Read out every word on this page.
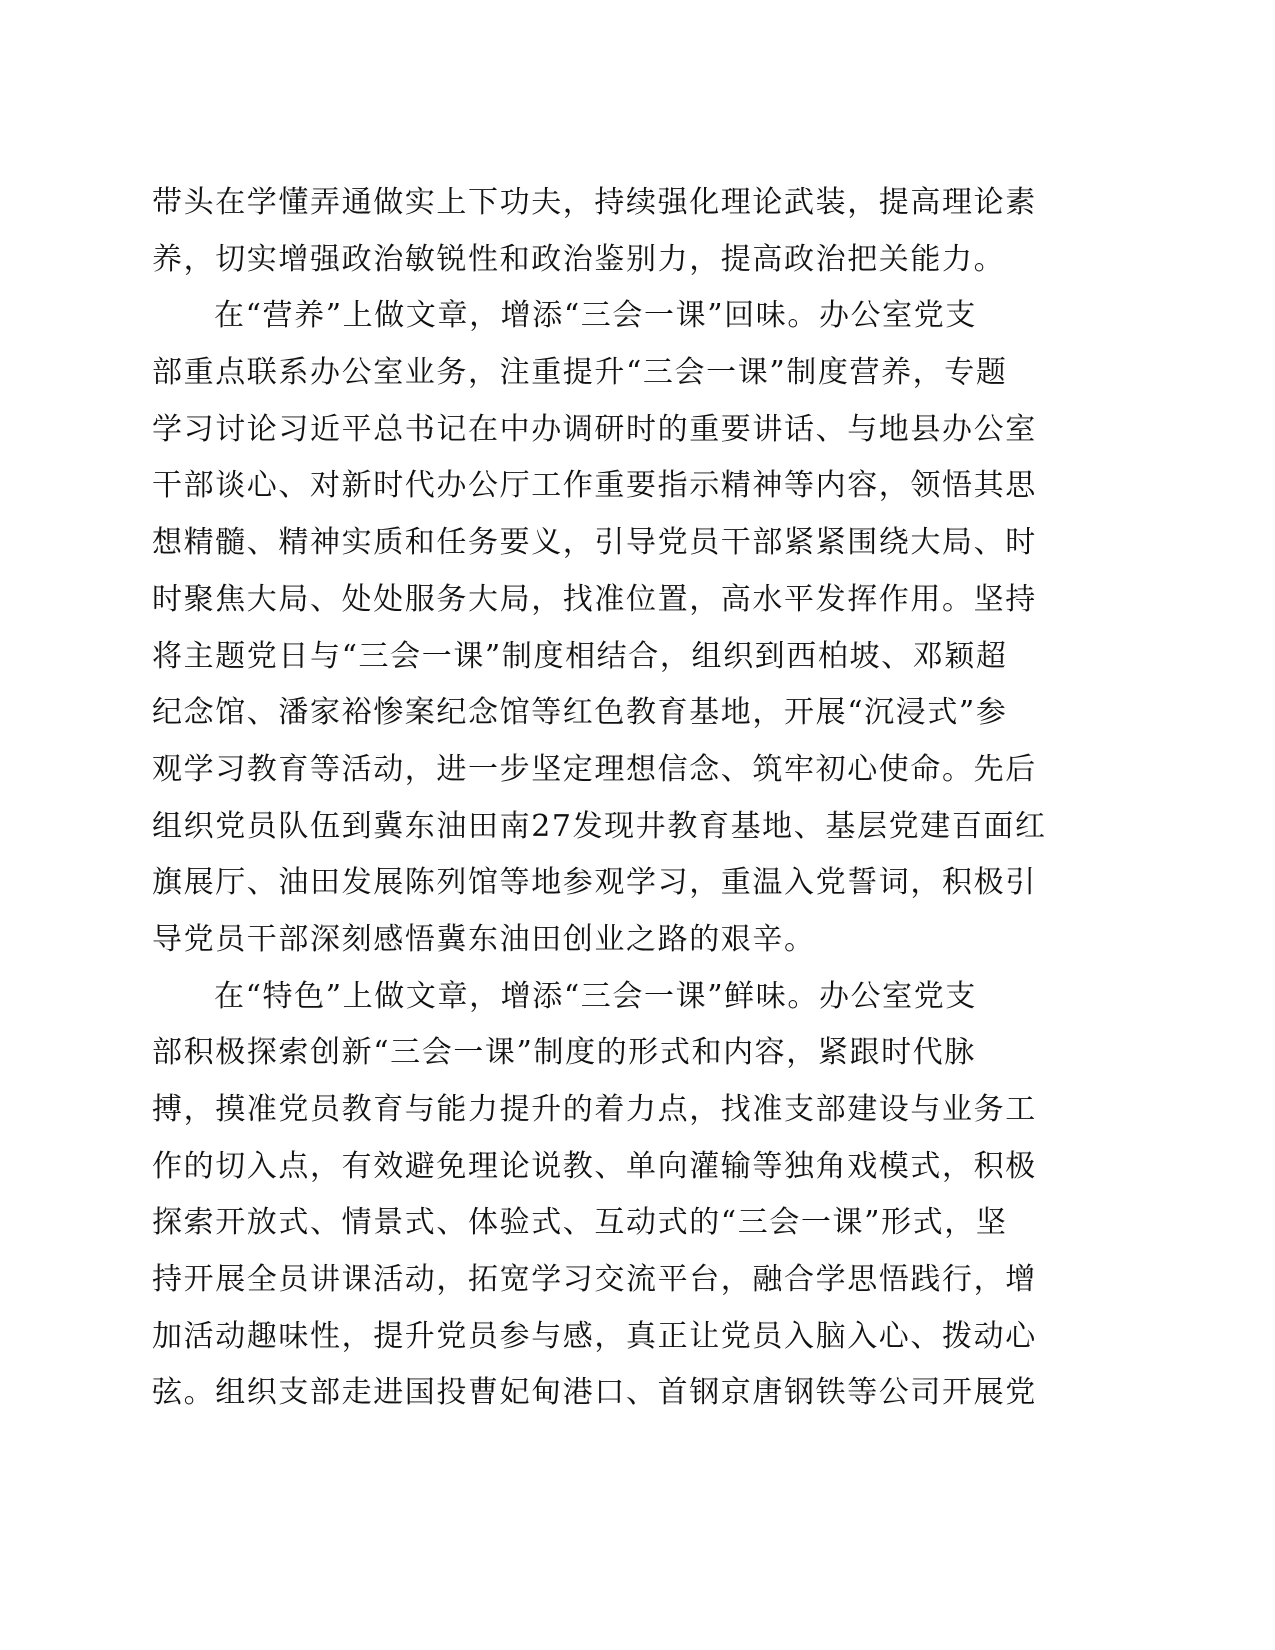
带头在学懂弄通做实上下功夫，持续强化理论武装，提高理论素
养，切实增强政治敏锐性和政治鉴别力，提高政治把关能力。
在“营养”上做文章，增添“三会一课”回味。办公室党支
部重点联系办公室业务，注重提升“三会一课”制度营养，专题
学习讨论习近平总书记在中办调研时的重要讲话、与地县办公室
干部谈心、对新时代办公厅工作重要指示精神等内容，领悟其思
想精髓、精神实质和任务要义，引导党员干部紧紧围绕大局、时
时聚焦大局、处处服务大局，找准位置，高水平发挥作用。坚持
将主题党日与“三会一课”制度相结合，组织到西柏坡、邓颖超
纪念馆、潘家裕惨案纪念馆等红色教育基地，开展“沉浸式”参
观学习教育等活动，进一步坚定理想信念、筑牢初心使命。先后
组织党员队伍到冀东油田南27发现井教育基地、基层党建百面红
旗展厅、油田发展陈列馆等地参观学习，重温入党誓词，积极引
导党员干部深刻感悟冀东油田创业之路的艰辛。
在“特色”上做文章，增添“三会一课”鲜味。办公室党支
部积极探索创新“三会一课”制度的形式和内容，紧跟时代脉
搏，摸准党员教育与能力提升的着力点，找准支部建设与业务工
作的切入点，有效避免理论说教、单向灌输等独角戏模式，积极
探索开放式、情景式、体验式、互动式的“三会一课”形式，坚
持开展全员讲课活动，拓宽学习交流平台，融合学思悟践行，增
加活动趣味性，提升党员参与感，真正让党员入脑入心、拨动心
弦。组织支部走进国投曹妃甸港口、首钢京唐钢铁等公司开展党
